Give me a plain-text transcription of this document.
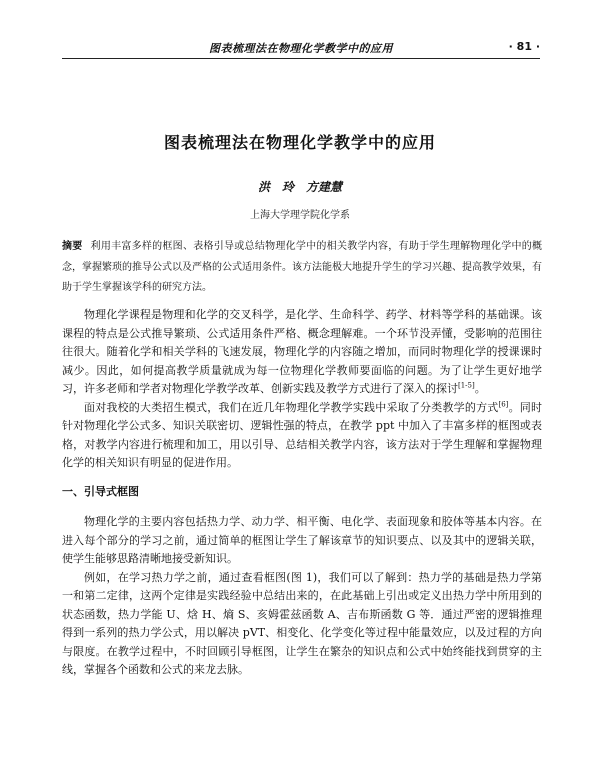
图表梳理法在物理化学教学中的应用	· 81 ·
图表梳理法在物理化学教学中的应用
洪　玲　方建慧
上海大学理学院化学系
摘要 利用丰富多样的框图、表格引导或总结物理化学中的相关教学内容，有助于学生理解物理化学中的概念，掌握繁琐的推导公式以及严格的公式适用条件。该方法能极大地提升学生的学习兴趣、提高教学效果，有助于学生掌握该学科的研究方法。

物理化学课程是物理和化学的交叉科学，是化学、生命科学、药学、材料等学科的基础课。该课程的特点是公式推导繁琐、公式适用条件严格、概念理解难。一个环节没弄懂，受影响的范围往往很大。随着化学和相关学科的飞速发展，物理化学的内容随之增加，而同时物理化学的授课课时减少。因此，如何提高教学质量就成为每一位物理化学教师要面临的问题。为了让学生更好地学习，许多老师和学者对物理化学教学改革、创新实践及教学方式进行了深入的探讨[1-5]。

面对我校的大类招生模式，我们在近几年物理化学教学实践中采取了分类教学的方式[6]。同时针对物理化学公式多、知识关联密切、逻辑性强的特点，在教学 ppt 中加入了丰富多样的框图或表格，对教学内容进行梳理和加工，用以引导、总结相关教学内容，该方法对于学生理解和掌握物理化学的相关知识有明显的促进作用。

一、引导式框图

物理化学的主要内容包括热力学、动力学、相平衡、电化学、表面现象和胶体等基本内容。在进入每个部分的学习之前，通过简单的框图让学生了解该章节的知识要点、以及其中的逻辑关联，使学生能够思路清晰地接受新知识。

例如，在学习热力学之前，通过查看框图(图 1)，我们可以了解到：热力学的基础是热力学第一和第二定律，这两个定律是实践经验中总结出来的，在此基础上引出或定义出热力学中所用到的状态函数，热力学能 U、焓 H、熵 S、亥姆霍兹函数 A、吉布斯函数 G 等．通过严密的逻辑推理得到一系列的热力学公式，用以解决 pVT、相变化、化学变化等过程中能量效应，以及过程的方向与限度。在教学过程中，不时回顾引导框图，让学生在繁杂的知识点和公式中始终能找到贯穿的主线，掌握各个函数和公式的来龙去脉。
